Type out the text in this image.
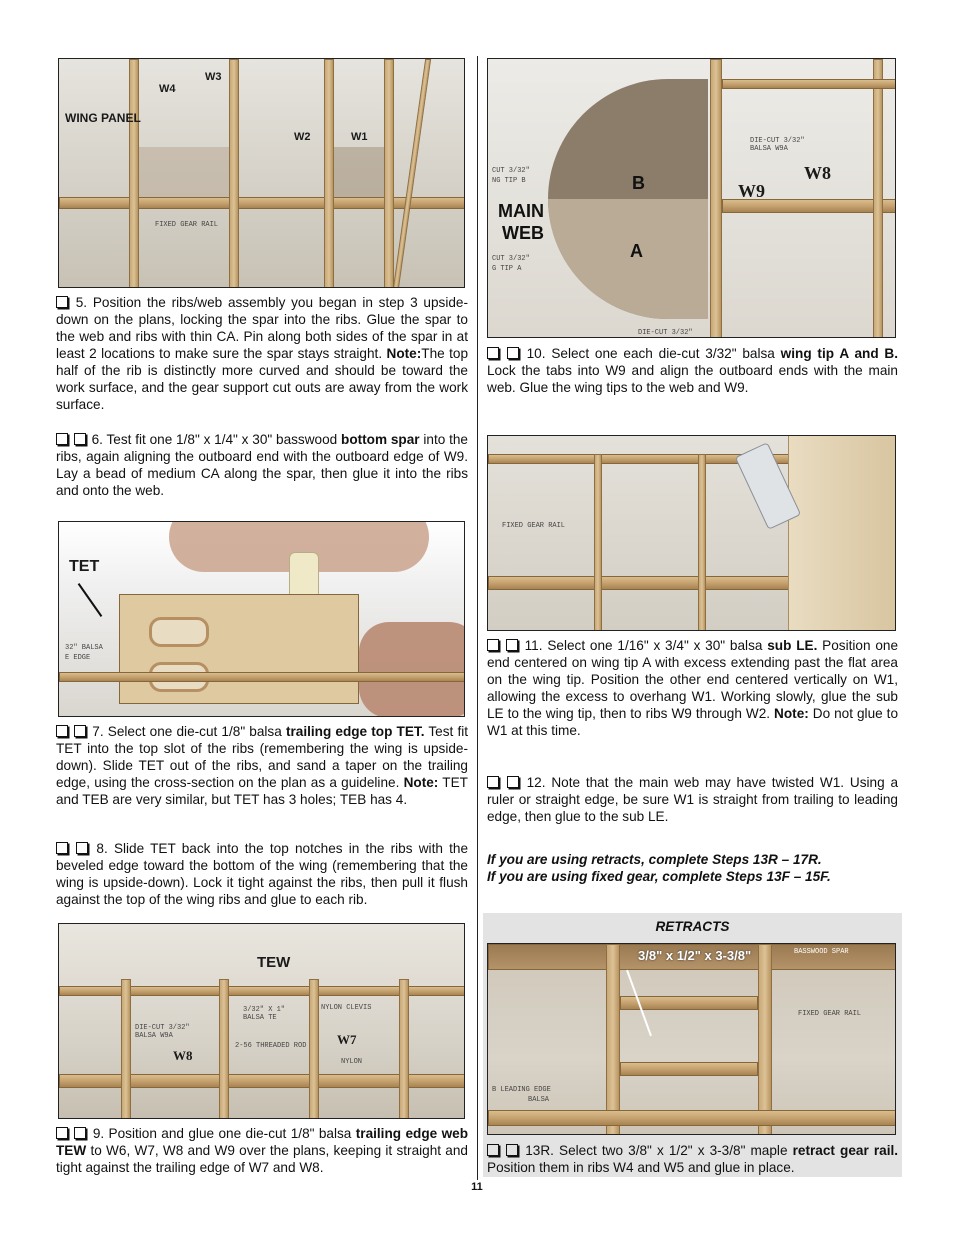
W4
W3
WING PANEL
W2	W1
FIXED GEAR RAIL
5. Position the ribs/web assembly you began in step 3 upside-down on the plans, locking the spar into the ribs. Glue the spar to the web and ribs with thin CA. Pin along both sides of the spar in at least 2 locations to make sure the spar stays straight. Note:The top half of the rib is distinctly more curved and should be toward the work surface, and the gear support cut outs are away from the work surface.
6. Test fit one 1/8" x 1/4" x 30" basswood bottom spar into the ribs, again aligning the outboard end with the outboard edge of W9. Lay a bead of medium CA along the spar, then glue it into the ribs and onto the web.
TET
32" BALSA
E EDGE
7. Select one die-cut 1/8" balsa trailing edge top TET. Test fit TET into the top slot of the ribs (remembering the wing is upside-down). Slide TET out of the ribs, and sand a taper on the trailing edge, using the cross-section on the plan as a guideline. Note: TET and TEB are very similar, but TET has 3 holes; TEB has 4.
8. Slide TET back into the top notches in the ribs with the beveled edge toward the bottom of the wing (remembering that the wing is upside-down). Lock it tight against the ribs, then pull it flush against the top of the wing ribs and glue to each rib.
TEW
W7
W8
NYLON CLEVIS
DIE-CUT 3/32"
BALSA W9A
3/32" X 1"
BALSA TE
2-56 THREADED ROD
NYLON
9. Position and glue one die-cut 1/8" balsa trailing edge web TEW to W6, W7, W8 and W9 over the plans, keeping it straight and tight against the trailing edge of W7 and W8.
B
A
MAIN
WEB
W8
W9
DIE-CUT 3/32"
BALSA W9A
CUT 3/32"
NG TIP B
CUT 3/32"
G TIP A
DIE-CUT 3/32"
10. Select one each die-cut 3/32" balsa wing tip A and B. Lock the tabs into W9 and align the outboard ends with the main web. Glue the wing tips to the web and W9.
FIXED GEAR RAIL
11. Select one 1/16" x 3/4" x 30" balsa sub LE. Position one end centered on wing tip A with excess extending past the flat area on the wing tip. Position the other end centered vertically on W1, allowing the excess to overhang W1. Working slowly, glue the sub LE to the wing tip, then to ribs W9 through W2. Note: Do not glue to W1 at this time.
12. Note that the main web may have twisted W1. Using a ruler or straight edge, be sure W1 is straight from trailing to leading edge, then glue to the sub LE.
If you are using retracts, complete Steps 13R – 17R.
If you are using fixed gear, complete Steps 13F – 15F.
RETRACTS
3/8" x 1/2" x 3-3/8"
FIXED GEAR RAIL
B LEADING EDGE
BALSA
BASSWOOD SPAR
13R. Select two 3/8" x 1/2" x 3-3/8" maple retract gear rail. Position them in ribs W4 and W5 and glue in place.
11
